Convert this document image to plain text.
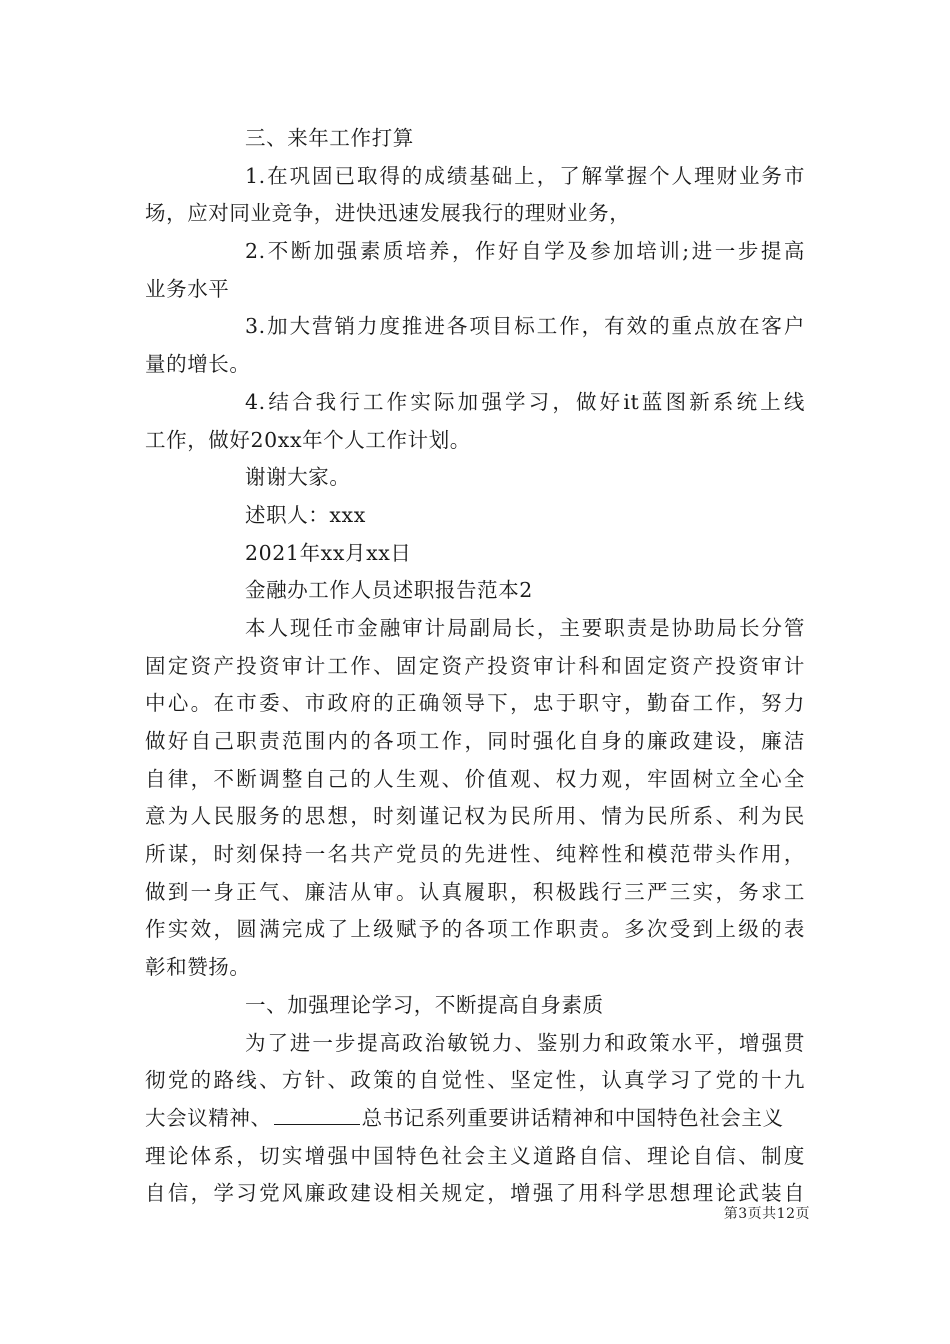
三、来年工作打算
1.在巩固已取得的成绩基础上，了解掌握个人理财业务市
场，应对同业竞争，进快迅速发展我行的理财业务，
2.不断加强素质培养，作好自学及参加培训;进一步提高
业务水平
3.加大营销力度推进各项目标工作，有效的重点放在客户
量的增长。
4.结合我行工作实际加强学习，做好it蓝图新系统上线
工作，做好20xx年个人工作计划。
谢谢大家。
述职人：xxx
2021年xx月xx日
金融办工作人员述职报告范本2
本人现任市金融审计局副局长，主要职责是协助局长分管
固定资产投资审计工作、固定资产投资审计科和固定资产投资审计
中心。在市委、市政府的正确领导下，忠于职守，勤奋工作，努力
做好自己职责范围内的各项工作，同时强化自身的廉政建设，廉洁
自律，不断调整自己的人生观、价值观、权力观，牢固树立全心全
意为人民服务的思想，时刻谨记权为民所用、情为民所系、利为民
所谋，时刻保持一名共产党员的先进性、纯粹性和模范带头作用，
做到一身正气、廉洁从审。认真履职，积极践行三严三实，务求工
作实效，圆满完成了上级赋予的各项工作职责。多次受到上级的表
彰和赞扬。
一、加强理论学习，不断提高自身素质
为了进一步提高政治敏锐力、鉴别力和政策水平，增强贯
彻党的路线、方针、政策的自觉性、坚定性，认真学习了党的十九
大会议精神、	总书记系列重要讲话精神和中国特色社会主义
理论体系，切实增强中国特色社会主义道路自信、理论自信、制度
自信，学习党风廉政建设相关规定，增强了用科学思想理论武装自
第3页共12页
